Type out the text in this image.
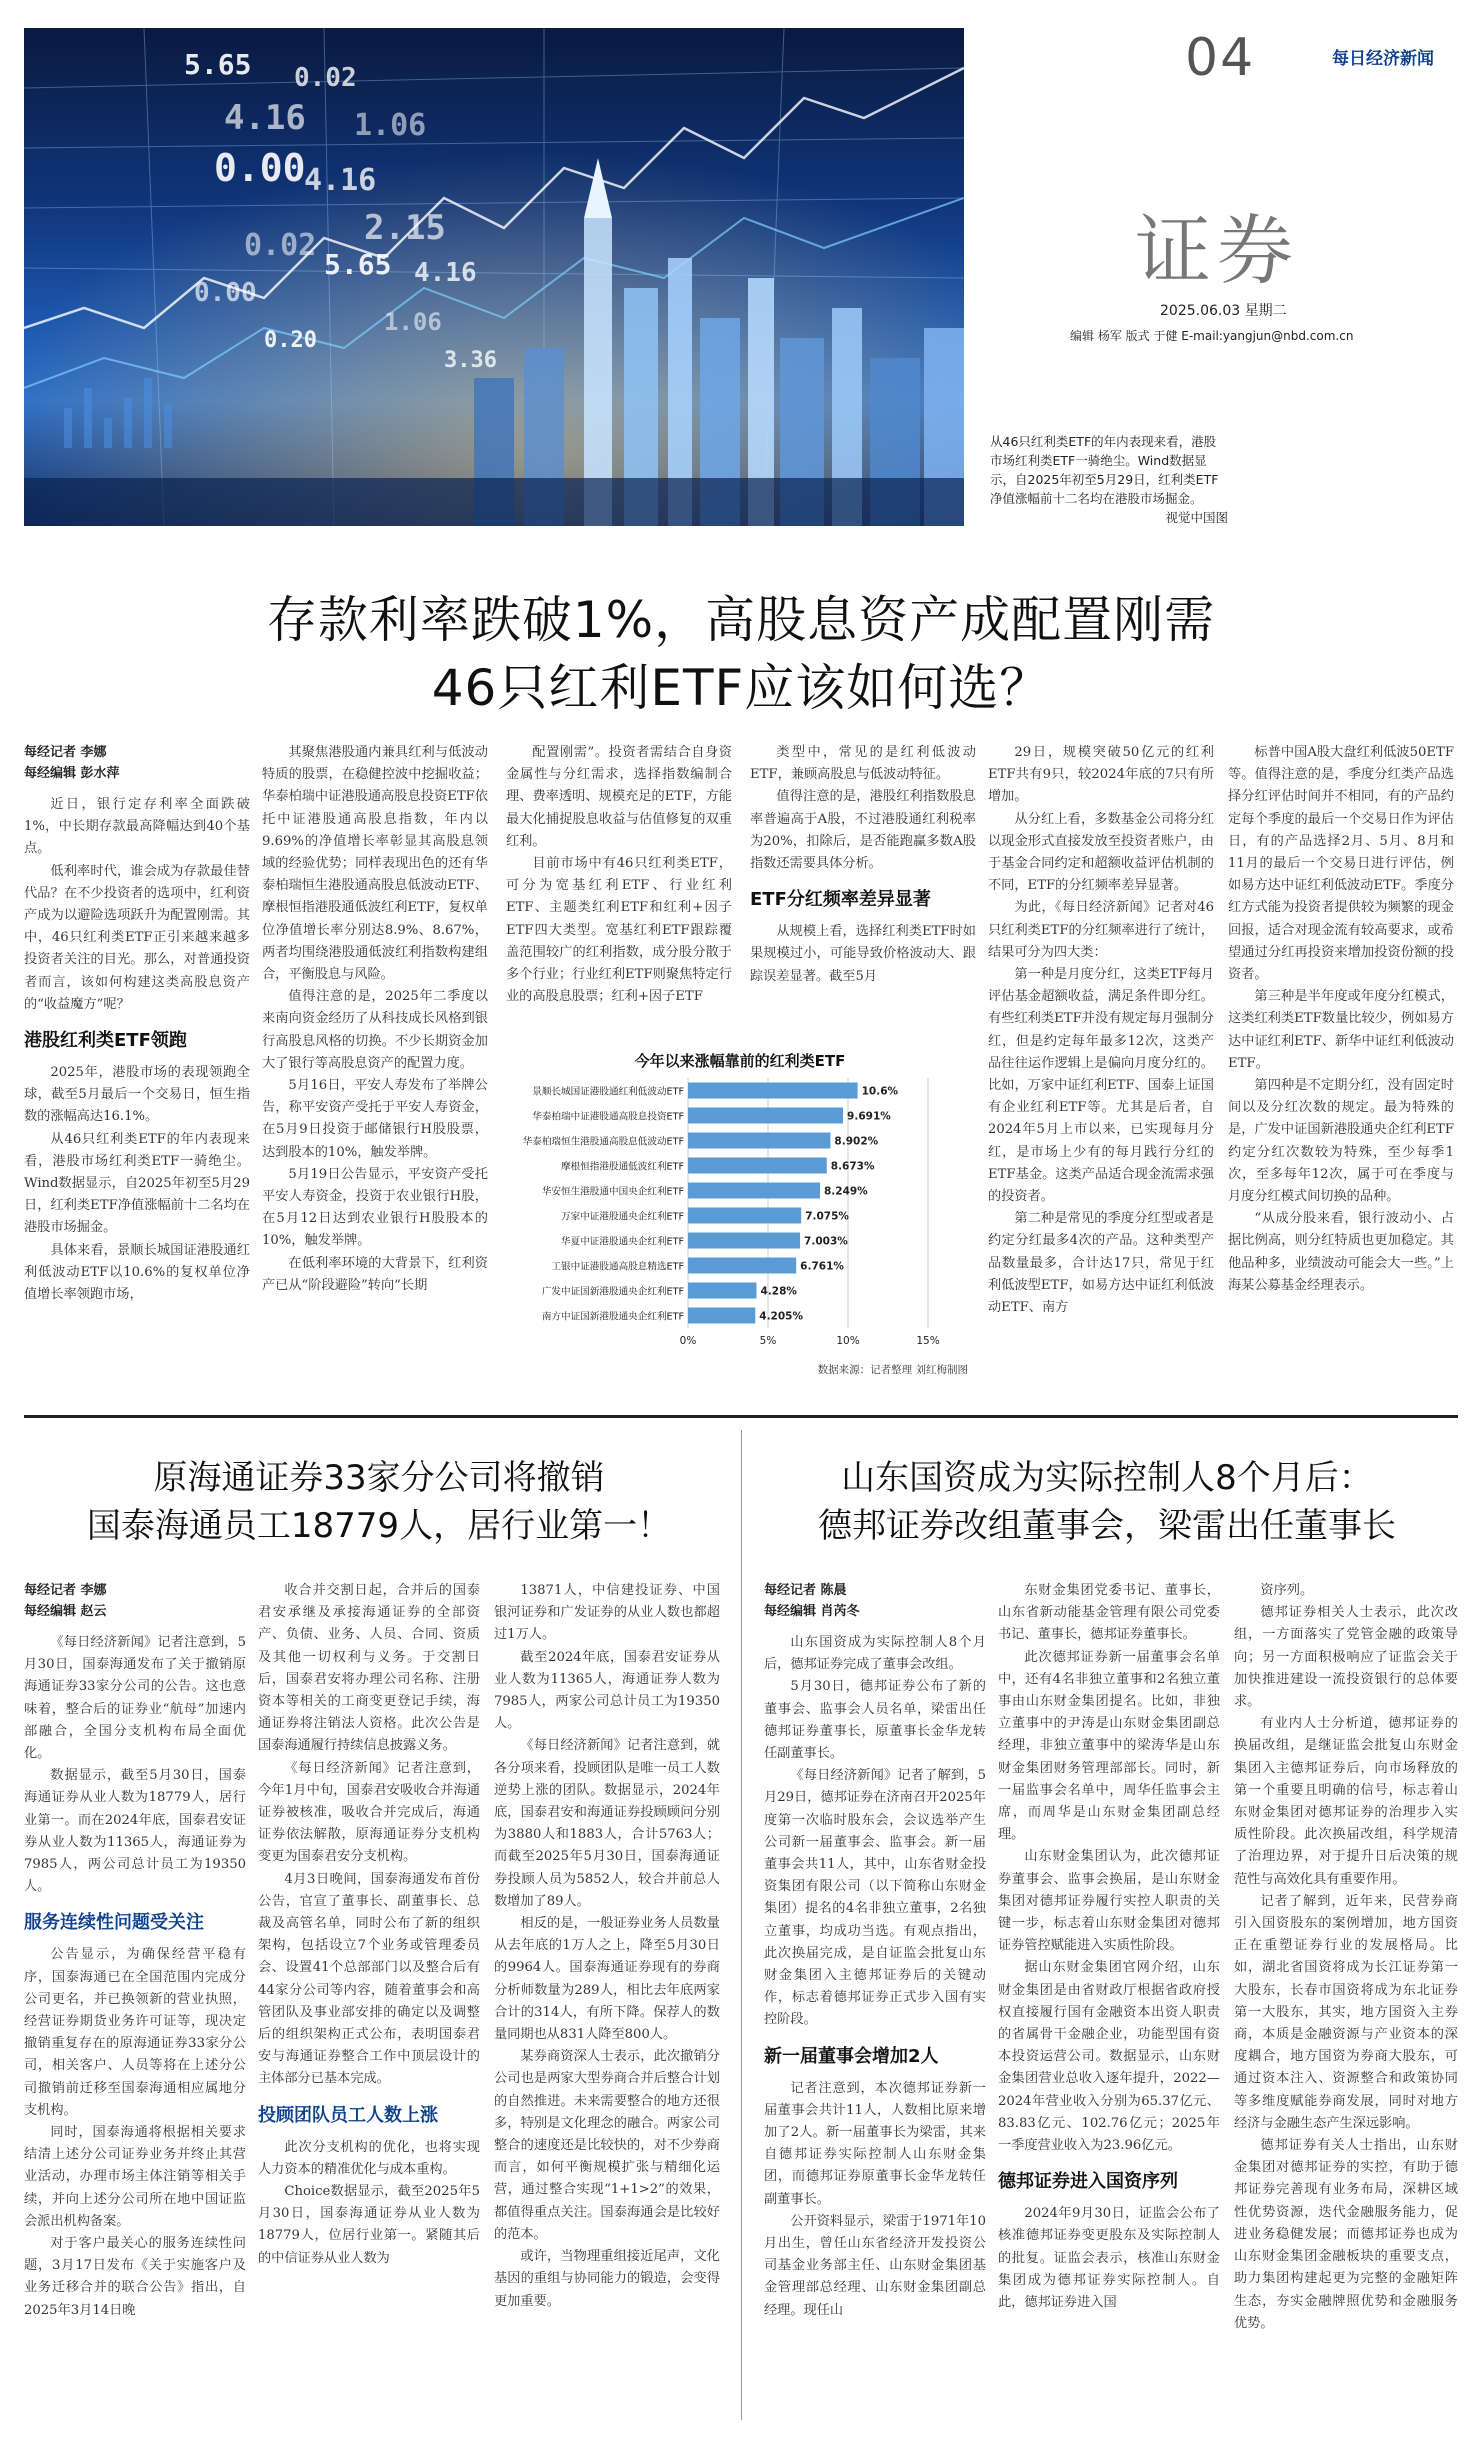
04	每日经济新闻
证券
2025.06.03 星期二
编辑 杨军 版式 于健 E-mail:yangjun@nbd.com.cn
5.65 0.02
4.16 1.06
0.00
4.16
2.15
0.02
5.65 4.16
0.00
1.06
0.20
3.36
从46只红利类ETF的年内表现来看，港股市场红利类ETF一骑绝尘。Wind数据显示，自2025年初至5月29日，红利类ETF净值涨幅前十二名均在港股市场掘金。
视觉中国图
存款利率跌破1%，高股息资产成配置刚需
46只红利ETF应该如何选？

每经记者 李娜

每经编辑 彭水萍

近日，银行定存利率全面跌破1%，中长期存款最高降幅达到40个基点。

低利率时代，谁会成为存款最佳替代品？在不少投资者的选项中，红利资产成为以避险选项跃升为配置刚需。其中，46只红利类ETF正引来越来越多投资者关注的目光。那么，对普通投资者而言，该如何构建这类高股息资产的“收益魔方”呢？

港股红利类ETF领跑

2025年，港股市场的表现领跑全球，截至5月最后一个交易日，恒生指数的涨幅高达16.1%。

从46只红利类ETF的年内表现来看，港股市场红利类ETF一骑绝尘。Wind数据显示，自2025年初至5月29日，红利类ETF净值涨幅前十二名均在港股市场掘金。

具体来看，景顺长城国证港股通红利低波动ETF以10.6%的复权单位净值增长率领跑市场，

其聚焦港股通内兼具红利与低波动特质的股票，在稳健控波中挖掘收益；华泰柏瑞中证港股通高股息投资ETF依托中证港股通高股息指数，年内以9.69%的净值增长率彰显其高股息领域的经验优势；同样表现出色的还有华泰柏瑞恒生港股通高股息低波动ETF、摩根恒指港股通低波红利ETF，复权单位净值增长率分别达8.9%、8.67%，两者均围绕港股通低波红利指数构建组合，平衡股息与风险。

值得注意的是，2025年二季度以来南向资金经历了从科技成长风格到银行高股息风格的切换。不少长期资金加大了银行等高股息资产的配置力度。

5月16日，平安人寿发布了举牌公告，称平安资产受托于平安人寿资金，在5月9日投资于邮储银行H股股票，达到股本的10%，触发举牌。

5月19日公告显示，平安资产受托平安人寿资金，投资于农业银行H股，在5月12日达到农业银行H股股本的10%，触发举牌。

在低利率环境的大背景下，红利资产已从“阶段避险”转向“长期

配置刚需”。投资者需结合自身资金属性与分红需求，选择指数编制合理、费率透明、规模充足的ETF，方能最大化捕捉股息收益与估值修复的双重红利。

目前市场中有46只红利类ETF，可分为宽基红利ETF、行业红利ETF、主题类红利ETF和红利+因子ETF四大类型。宽基红利ETF跟踪覆盖范围较广的红利指数，成分股分散于多个行业；行业红利ETF则聚焦特定行业的高股息股票；红利+因子ETF

类型中，常见的是红利低波动ETF，兼顾高股息与低波动特征。

值得注意的是，港股红利指数股息率普遍高于A股，不过港股通红利税率为20%，扣除后，是否能跑赢多数A股指数还需要具体分析。

ETF分红频率差异显著

从规模上看，选择红利类ETF时如果规模过小，可能导致价格波动大、跟踪误差显著。截至5月

29日，规模突破50亿元的红利ETF共有9只，较2024年底的7只有所增加。

从分红上看，多数基金公司将分红以现金形式直接发放至投资者账户，由于基金合同约定和超额收益评估机制的不同，ETF的分红频率差异显著。

为此，《每日经济新闻》记者对46只红利类ETF的分红频率进行了统计，结果可分为四大类：

第一种是月度分红，这类ETF每月评估基金超额收益，满足条件即分红。有些红利类ETF并没有规定每月强制分红，但是约定每年最多12次，这类产品往往运作逻辑上是偏向月度分红的。比如，万家中证红利ETF、国泰上证国有企业红利ETF等。尤其是后者，自2024年5月上市以来，已实现每月分红，是市场上少有的每月践行分红的ETF基金。这类产品适合现金流需求强的投资者。

第二种是常见的季度分红型或者是约定分红最多4次的产品。这种类型产品数量最多，合计达17只，常见于红利低波型ETF，如易方达中证红利低波动ETF、南方

标普中国A股大盘红利低波50ETF等。值得注意的是，季度分红类产品选择分红评估时间并不相同，有的产品约定每个季度的最后一个交易日作为评估日，有的产品选择2月、5月、8月和11月的最后一个交易日进行评估，例如易方达中证红利低波动ETF。季度分红方式能为投资者提供较为频繁的现金回报，适合对现金流有较高要求，或希望通过分红再投资来增加投资份额的投资者。

第三种是半年度或年度分红模式，这类红利类ETF数量比较少，例如易方达中证红利ETF、新华中证红利低波动ETF。

第四种是不定期分红，没有固定时间以及分红次数的规定。最为特殊的是，广发中证国新港股通央企红利ETF约定分红次数较为特殊，至少每季1次，至多每年12次，属于可在季度与月度分红模式间切换的品种。

“从成分股来看，银行波动小、占据比例高，则分红特质也更加稳定。其他品种多，业绩波动可能会大一些。”上海某公募基金经理表示。

今年以来涨幅靠前的红利类ETF
0%	5%	10%	15%
景顺长城国证港股通红利低波动ETF	10.6%
华泰柏瑞中证港股通高股息投资ETF	9.691%
华泰柏瑞恒生港股通高股息低波动ETF	8.902%
摩根恒指港股通低波红利ETF	8.673%
华安恒生港股通中国央企红利ETF	8.249%
万家中证港股通央企红利ETF	7.075%
华夏中证港股通央企红利ETF	7.003%
工银中证港股通高股息精选ETF	6.761%
广发中证国新港股通央企红利ETF	4.28%
南方中证国新港股通央企红利ETF	4.205%
数据来源：记者整理 刘红梅制图
原海通证券33家分公司将撤销
国泰海通员工18779人，居行业第一！

每经记者 李娜

每经编辑 赵云

《每日经济新闻》记者注意到，5月30日，国泰海通发布了关于撤销原海通证券33家分公司的公告。这也意味着，整合后的证券业“航母”加速内部融合，全国分支机构布局全面优化。

数据显示，截至5月30日，国泰海通证券从业人数为18779人，居行业第一。而在2024年底，国泰君安证券从业人数为11365人，海通证券为7985人，两公司总计员工为19350人。

服务连续性问题受关注

公告显示，为确保经营平稳有序，国泰海通已在全国范围内完成分公司更名，并已换领新的营业执照，经营证券期货业务许可证等，现决定撤销重复存在的原海通证券33家分公司，相关客户、人员等将在上述分公司撤销前迁移至国泰海通相应属地分支机构。

同时，国泰海通将根据相关要求结清上述分公司证券业务并终止其营业活动，办理市场主体注销等相关手续，并向上述分公司所在地中国证监会派出机构备案。

对于客户最关心的服务连续性问题，3月17日发布《关于实施客户及业务迁移合并的联合公告》指出，自2025年3月14日晚

收合并交割日起，合并后的国泰君安承继及承接海通证券的全部资产、负债、业务、人员、合同、资质及其他一切权利与义务。于交割日后，国泰君安将办理公司名称、注册资本等相关的工商变更登记手续，海通证券将注销法人资格。此次公告是国泰海通履行持续信息披露义务。

《每日经济新闻》记者注意到，今年1月中旬，国泰君安吸收合并海通证券被核准，吸收合并完成后，海通证券依法解散，原海通证券分支机构变更为国泰君安分支机构。

4月3日晚间，国泰海通发布首份公告，官宣了董事长、副董事长、总裁及高管名单，同时公布了新的组织架构，包括设立7个业务或管理委员会、设置41个总部部门以及整合后有44家分公司等内容，随着董事会和高管团队及事业部安排的确定以及调整后的组织架构正式公布，表明国泰君安与海通证券整合工作中顶层设计的主体部分已基本完成。

投顾团队员工人数上涨

此次分支机构的优化，也将实现人力资本的精准优化与成本重构。

Choice数据显示，截至2025年5月30日，国泰海通证券从业人数为18779人，位居行业第一。紧随其后的中信证券从业人数为

13871人，中信建投证券、中国银河证券和广发证券的从业人数也都超过1万人。

截至2024年底，国泰君安证券从业人数为11365人，海通证券人数为7985人，两家公司总计员工为19350人。

《每日经济新闻》记者注意到，就各分项来看，投顾团队是唯一员工人数逆势上涨的团队。数据显示，2024年底，国泰君安和海通证券投顾顾问分别为3880人和1883人，合计5763人；而截至2025年5月30日，国泰海通证券投顾人员为5852人，较合并前总人数增加了89人。

相反的是，一般证券业务人员数量从去年底的1万人之上，降至5月30日的9964人。国泰海通证券现有的券商分析师数量为289人，相比去年底两家合计的314人，有所下降。保荐人的数量同期也从831人降至800人。

某券商资深人士表示，此次撤销分公司也是两家大型券商合并后整合计划的自然推进。未来需要整合的地方还很多，特别是文化理念的融合。两家公司整合的速度还是比较快的，对不少券商而言，如何平衡规模扩张与精细化运营，通过整合实现“1+1>2”的效果，都值得重点关注。国泰海通会是比较好的范本。

或许，当物理重组接近尾声，文化基因的重组与协同能力的锻造，会变得更加重要。

山东国资成为实际控制人8个月后：
德邦证券改组董事会，梁雷出任董事长

每经记者 陈晨

每经编辑 肖芮冬

山东国资成为实际控制人8个月后，德邦证券完成了董事会改组。

5月30日，德邦证券公布了新的董事会、监事会人员名单，梁雷出任德邦证券董事长，原董事长金华龙转任副董事长。

《每日经济新闻》记者了解到，5月29日，德邦证券在济南召开2025年度第一次临时股东会，会议选举产生公司新一届董事会、监事会。新一届董事会共11人，其中，山东省财金投资集团有限公司（以下简称山东财金集团）提名的4名非独立董事，2名独立董事，均成功当选。有观点指出，此次换届完成，是自证监会批复山东财金集团入主德邦证券后的关键动作，标志着德邦证券正式步入国有实控阶段。

新一届董事会增加2人

记者注意到，本次德邦证券新一届董事会共计11人，人数相比原来增加了2人。新一届董事长为梁雷，其来自德邦证券实际控制人山东财金集团，而德邦证券原董事长金华龙转任副董事长。

公开资料显示，梁雷于1971年10月出生，曾任山东省经济开发投资公司基金业务部主任、山东财金集团基金管理部总经理、山东财金集团副总经理。现任山

东财金集团党委书记、董事长，山东省新动能基金管理有限公司党委书记、董事长，德邦证券董事长。

此次德邦证券新一届董事会名单中，还有4名非独立董事和2名独立董事由山东财金集团提名。比如，非独立董事中的尹涛是山东财金集团副总经理，非独立董事中的梁涛华是山东财金集团财务管理部部长。同时，新一届监事会名单中，周华任监事会主席，而周华是山东财金集团副总经理。

山东财金集团认为，此次德邦证券董事会、监事会换届，是山东财金集团对德邦证券履行实控人职责的关键一步，标志着山东财金集团对德邦证券管控赋能进入实质性阶段。

据山东财金集团官网介绍，山东财金集团是由省财政厅根据省政府授权直接履行国有金融资本出资人职责的省属骨干金融企业，功能型国有资本投资运营公司。数据显示，山东财金集团营业总收入逐年提升，2022—2024年营业收入分别为65.37亿元、83.83亿元、102.76亿元；2025年一季度营业收入为23.96亿元。

德邦证券进入国资序列

2024年9月30日，证监会公布了核准德邦证券变更股东及实际控制人的批复。证监会表示，核准山东财金集团成为德邦证券实际控制人。自此，德邦证券进入国

资序列。

德邦证券相关人士表示，此次改组，一方面落实了党管金融的政策导向；另一方面积极响应了证监会关于加快推进建设一流投资银行的总体要求。

有业内人士分析道，德邦证券的换届改组，是继证监会批复山东财金集团入主德邦证券后，向市场释放的第一个重要且明确的信号，标志着山东财金集团对德邦证券的治理步入实质性阶段。此次换届改组，科学规清了治理边界，对于提升日后决策的规范性与高效化具有重要作用。

记者了解到，近年来，民营券商引入国资股东的案例增加，地方国资正在重塑证券行业的发展格局。比如，湖北省国资将成为长江证券第一大股东，长春市国资将成为东北证券第一大股东，其实，地方国资入主券商，本质是金融资源与产业资本的深度耦合，地方国资为券商大股东，可通过资本注入、资源整合和政策协同等多维度赋能券商发展，同时对地方经济与金融生态产生深远影响。

德邦证券有关人士指出，山东财金集团对德邦证券的实控，有助于德邦证券完善现有业务布局，深耕区域性优势资源，迭代金融服务能力，促进业务稳健发展；而德邦证券也成为山东财金集团金融板块的重要支点，助力集团构建起更为完整的金融矩阵生态，夯实金融牌照优势和金融服务优势。
